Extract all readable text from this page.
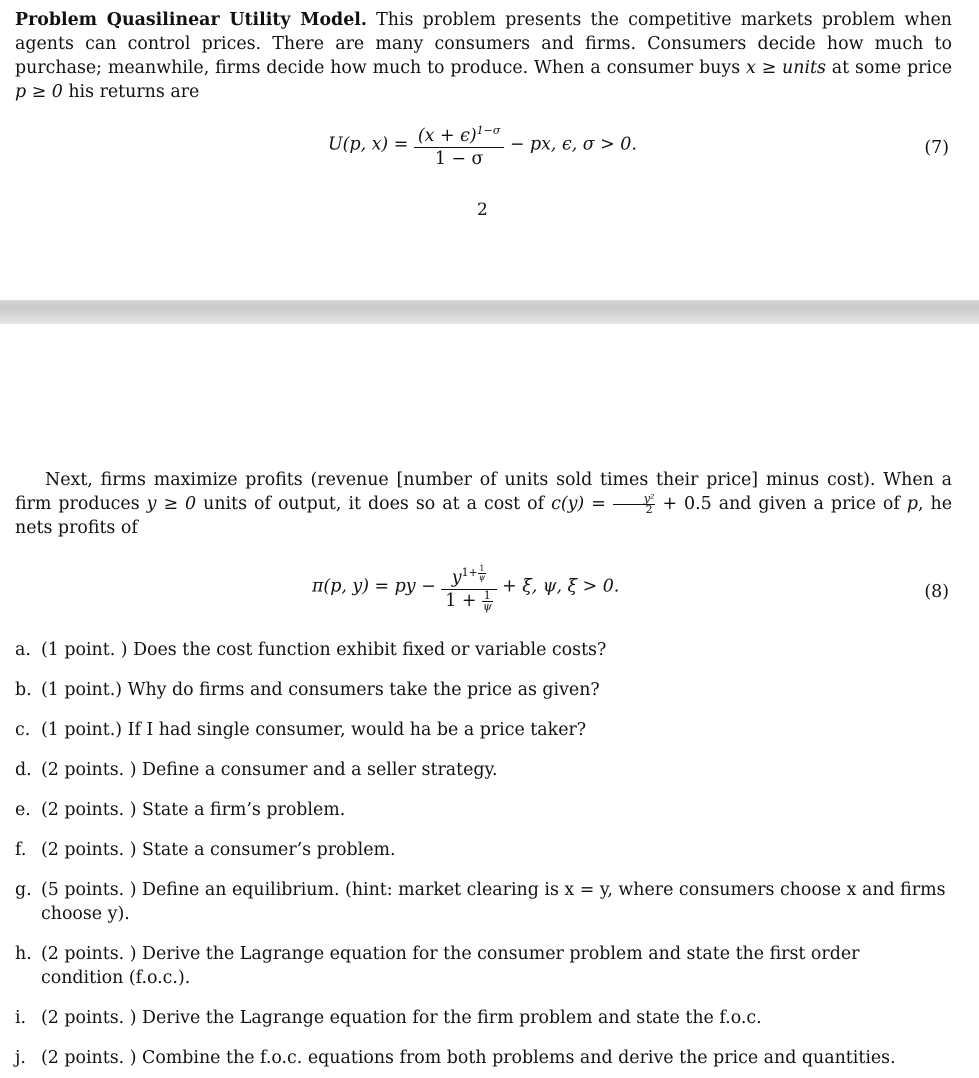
Problem Quasilinear Utility Model. This problem presents the competitive markets problem when agents can control prices. There are many consumers and firms. Consumers decide how much to purchase; meanwhile, firms decide how much to produce. When a consumer buys x ≥ units at some price p ≥ 0 his returns are
U(p, $x) = \frac{(x + \epsilon)^{1-\sigma}}{1 - \sigma}$ − px, ϵ, σ > 0.	(7)
2
Next, firms maximize profits (revenue [number of units sold times their price] minus cost). When a firm produces y ≥ 0 units of output, it does so at a cost of $c(y) = \frac{\text{y²}}{2} + 0.5$ and given a price of p, he nets profits of
π(p, y) = py − $y^{1+ \frac{1}{\psi}}$
$1 + \frac{1}{\psi} + \xi$, ψ, ξ > 0.	(8)
a. (1 point. ) Does the cost function exhibit fixed or variable costs?
b. (1 point.) Why do firms and consumers take the price as given?
c. (1 point.) If I had single consumer, would ha be a price taker?
d. (2 points. ) Define a consumer and a seller strategy.
e. (2 points. ) State a firm’s problem.
f. (2 points. ) State a consumer’s problem.
g. (5 points. ) Define an equilibrium. (hint: market clearing is x = y, where consumers choose x and firms choose y).
h. (2 points. ) Derive the Lagrange equation for the consumer problem and state the first order condition (f.o.c.).
i. (2 points. ) Derive the Lagrange equation for the firm problem and state the f.o.c.
j. (2 points. ) Combine the f.o.c. equations from both problems and derive the price and quantities.
